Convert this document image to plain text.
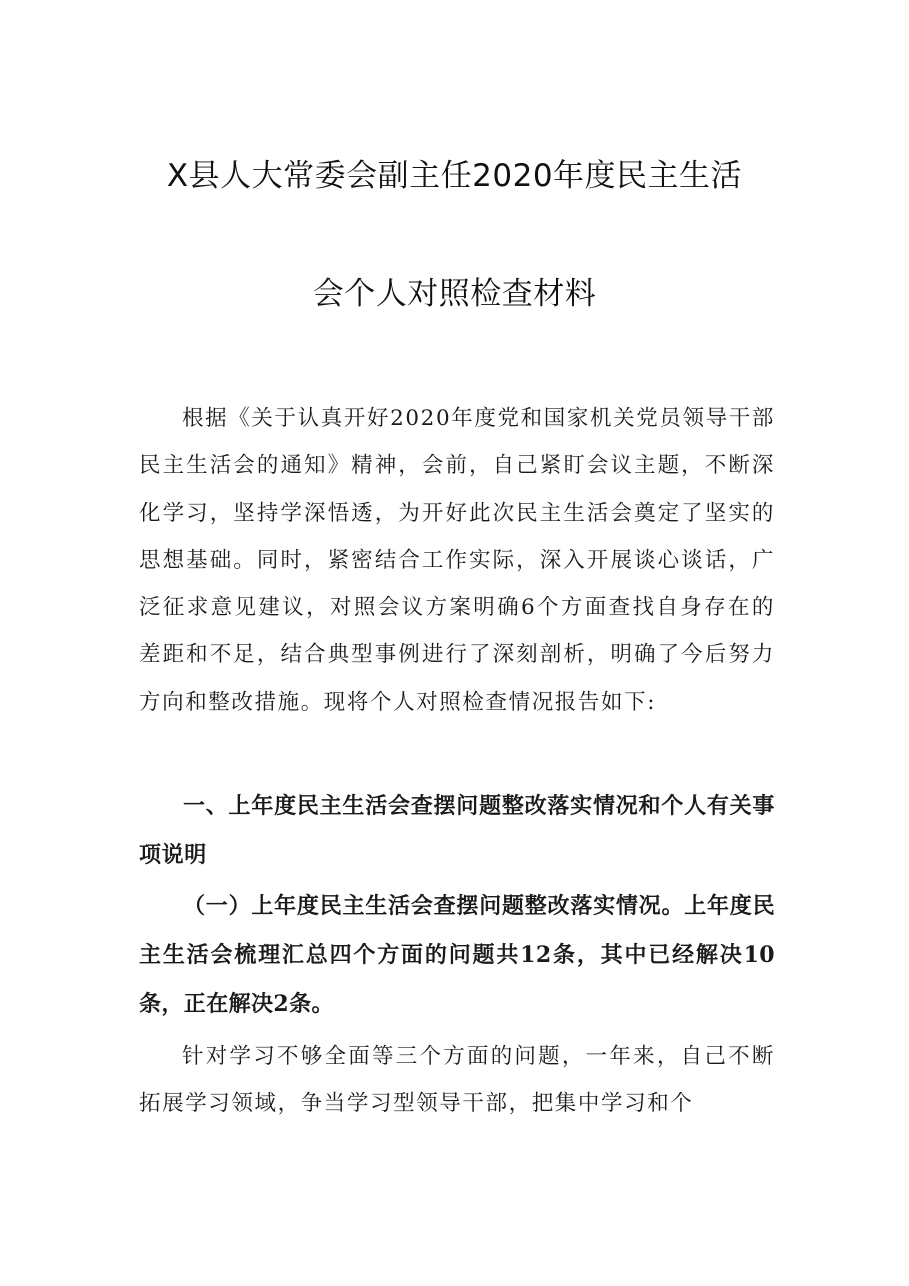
X县人大常委会副主任2020年度民主生活
会个人对照检查材料

根据《关于认真开好2020年度党和国家机关党员领导干部民主生活会的通知》精神，会前，自己紧盯会议主题，不断深化学习，坚持学深悟透，为开好此次民主生活会奠定了坚实的思想基础。同时，紧密结合工作实际，深入开展谈心谈话，广泛征求意见建议，对照会议方案明确6个方面查找自身存在的差距和不足，结合典型事例进行了深刻剖析，明确了今后努力方向和整改措施。现将个人对照检查情况报告如下:

一、上年度民主生活会查摆问题整改落实情况和个人有关事项说明

（一）上年度民主生活会查摆问题整改落实情况。上年度民主生活会梳理汇总四个方面的问题共12条，其中已经解决10条，正在解决2条。

针对学习不够全面等三个方面的问题，一年来，自己不断拓展学习领域，争当学习型领导干部，把集中学习和个
